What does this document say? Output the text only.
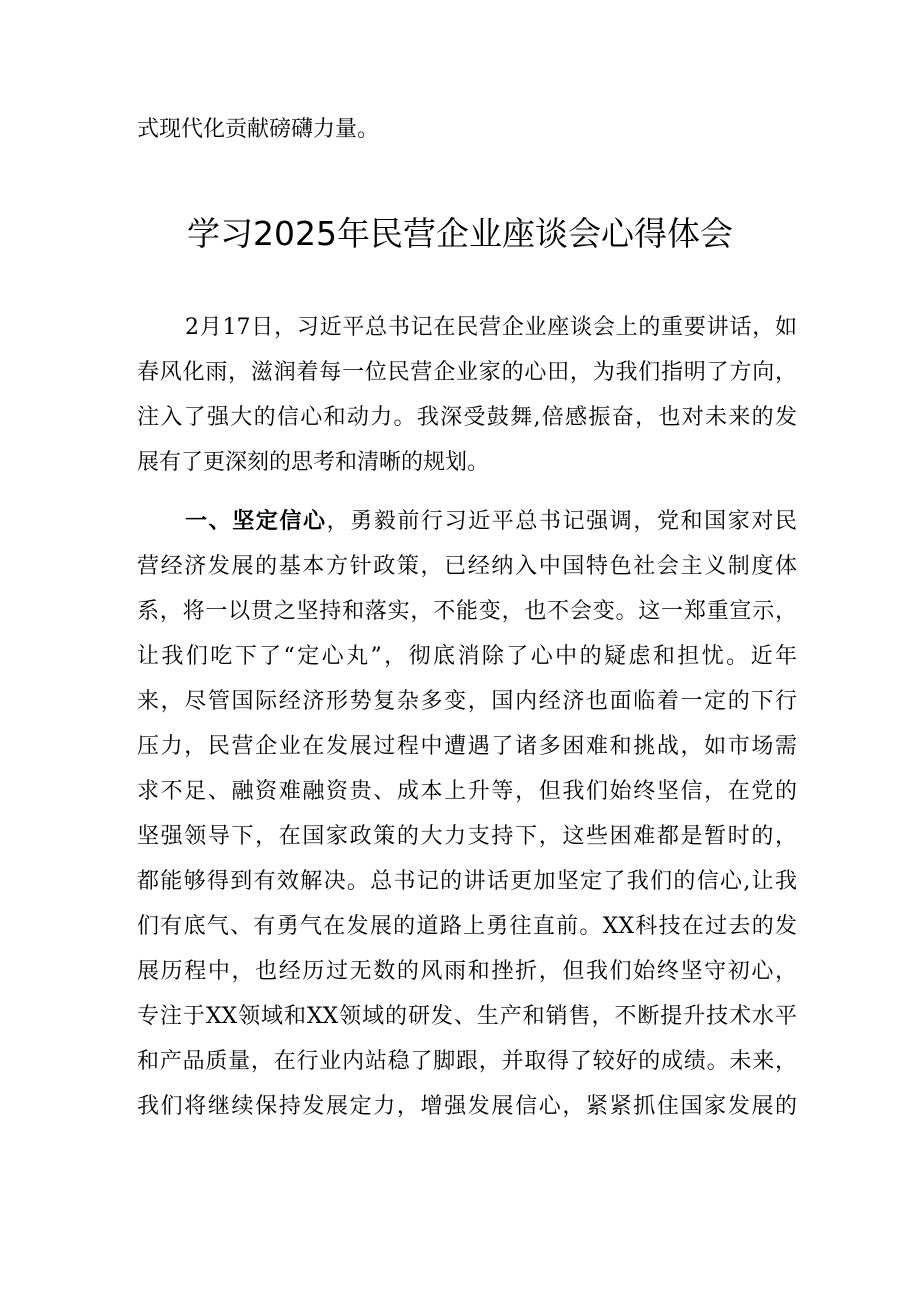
式现代化贡献磅礴力量。
学习2025年民营企业座谈会心得体会
2月17日，习近平总书记在民营企业座谈会上的重要讲话，如
春风化雨，滋润着每一位民营企业家的心田，为我们指明了方向，
注入了强大的信心和动力。我深受鼓舞,倍感振奋，也对未来的发
展有了更深刻的思考和清晰的规划。
一、坚定信心，勇毅前行习近平总书记强调，党和国家对民
营经济发展的基本方针政策，已经纳入中国特色社会主义制度体
系，将一以贯之坚持和落实，不能变，也不会变。这一郑重宣示，
让我们吃下了“定心丸”，彻底消除了心中的疑虑和担忧。近年
来，尽管国际经济形势复杂多变，国内经济也面临着一定的下行
压力，民营企业在发展过程中遭遇了诸多困难和挑战，如市场需
求不足、融资难融资贵、成本上升等，但我们始终坚信，在党的
坚强领导下，在国家政策的大力支持下，这些困难都是暂时的，
都能够得到有效解决。总书记的讲话更加坚定了我们的信心,让我
们有底气、有勇气在发展的道路上勇往直前。XX科技在过去的发
展历程中，也经历过无数的风雨和挫折，但我们始终坚守初心，
专注于XX领域和XX领域的研发、生产和销售，不断提升技术水平
和产品质量，在行业内站稳了脚跟，并取得了较好的成绩。未来，
我们将继续保持发展定力，增强发展信心，紧紧抓住国家发展的
